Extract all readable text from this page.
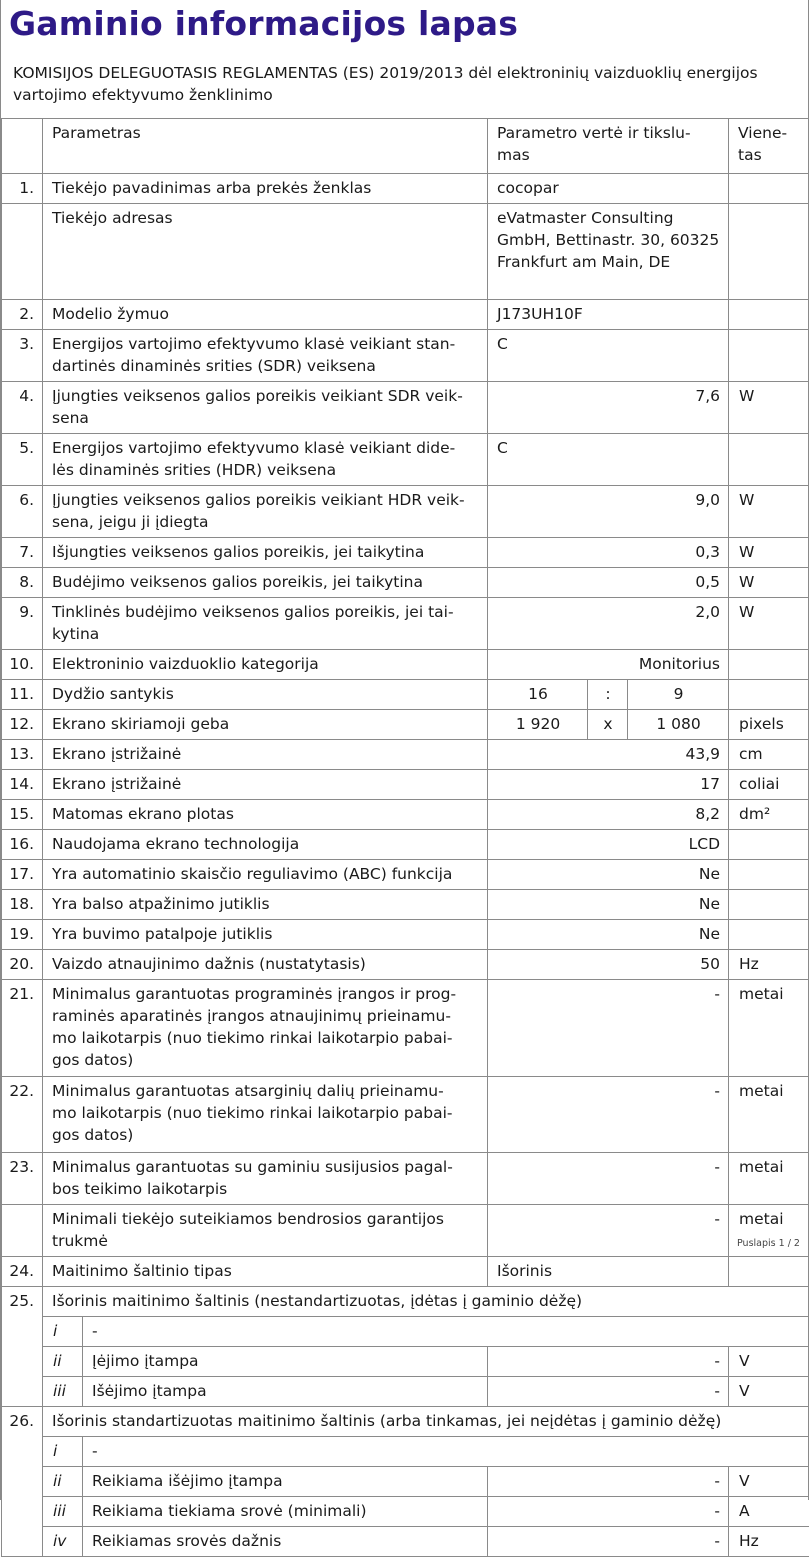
Gaminio informacijos lapas
KOMISIJOS DELEGUOTASIS REGLAMENTAS (ES) 2019/2013 dėl elektroninių vaizduoklių energijos vartojimo efektyvumo ženklinimo
	Parametras		Parametro vertė ir tikslu-
mas			Viene-
tas
1.	Tiekėjo pavadinimas arba prekės ženklas		cocopar			
	Tiekėjo adresas		eVatmaster Consulting GmbH, Bettinastr. 30, 60325 Frankfurt am Main, DE			
2.	Modelio žymuo		J173UH10F			
3.	Energijos vartojimo efektyvumo klasė veikiant stan-
dartinės dinaminės srities (SDR) veiksena		C			
4.	Įjungties veiksenos galios poreikis veikiant SDR veik-
sena		7,6			W
5.	Energijos vartojimo efektyvumo klasė veikiant dide-
lės dinaminės srities (HDR) veiksena		C			
6.	Įjungties veiksenos galios poreikis veikiant HDR veik-
sena, jeigu ji įdiegta		9,0			W
7.	Išjungties veiksenos galios poreikis, jei taikytina		0,3			W
8.	Budėjimo veiksenos galios poreikis, jei taikytina		0,5			W
9.	Tinklinės budėjimo veiksenos galios poreikis, jei tai-
kytina		2,0			W
10.	Elektroninio vaizduoklio kategorija		Monitorius			
11.	Dydžio santykis		16	:	9	
12.	Ekrano skiriamoji geba		1 920	x	1 080	pixels
13.	Ekrano įstrižainė		43,9			cm
14.	Ekrano įstrižainė		17			coliai
15.	Matomas ekrano plotas		8,2			dm²
16.	Naudojama ekrano technologija		LCD			
17.	Yra automatinio skaisčio reguliavimo (ABC) funkcija		Ne			
18.	Yra balso atpažinimo jutiklis		Ne			
19.	Yra buvimo patalpoje jutiklis		Ne			
20.	Vaizdo atnaujinimo dažnis (nustatytasis)		50			Hz
21.	Minimalus garantuotas programinės įrangos ir prog-
raminės aparatinės įrangos atnaujinimų prieinamu-
mo laikotarpis (nuo tiekimo rinkai laikotarpio pabai-
gos datos)		-			metai
22.	Minimalus garantuotas atsarginių dalių prieinamu-
mo laikotarpis (nuo tiekimo rinkai laikotarpio pabai-
gos datos)		-			metai
23.	Minimalus garantuotas su gaminiu susijusios pagal-
bos teikimo laikotarpis		-			metai
	Minimali tiekėjo suteikiamos bendrosios garantijos
trukmė		-			metai
24.	Maitinimo šaltinio tipas		Išorinis			
25.	Išorinis maitinimo šaltinis (nestandartizuotas, įdėtas į gaminio dėžę)					
	i	-				
	ii	Įėjimo įtampa	-			V
	iii	Išėjimo įtampa	-			V
26.	Išorinis standartizuotas maitinimo šaltinis (arba tinkamas, jei neįdėtas į gaminio dėžę)					
	i	-				
	ii	Reikiama išėjimo įtampa	-			V
	iii	Reikiama tiekiama srovė (minimali)	-			A
	iv	Reikiamas srovės dažnis	-			Hz
Puslapis 1 / 2
